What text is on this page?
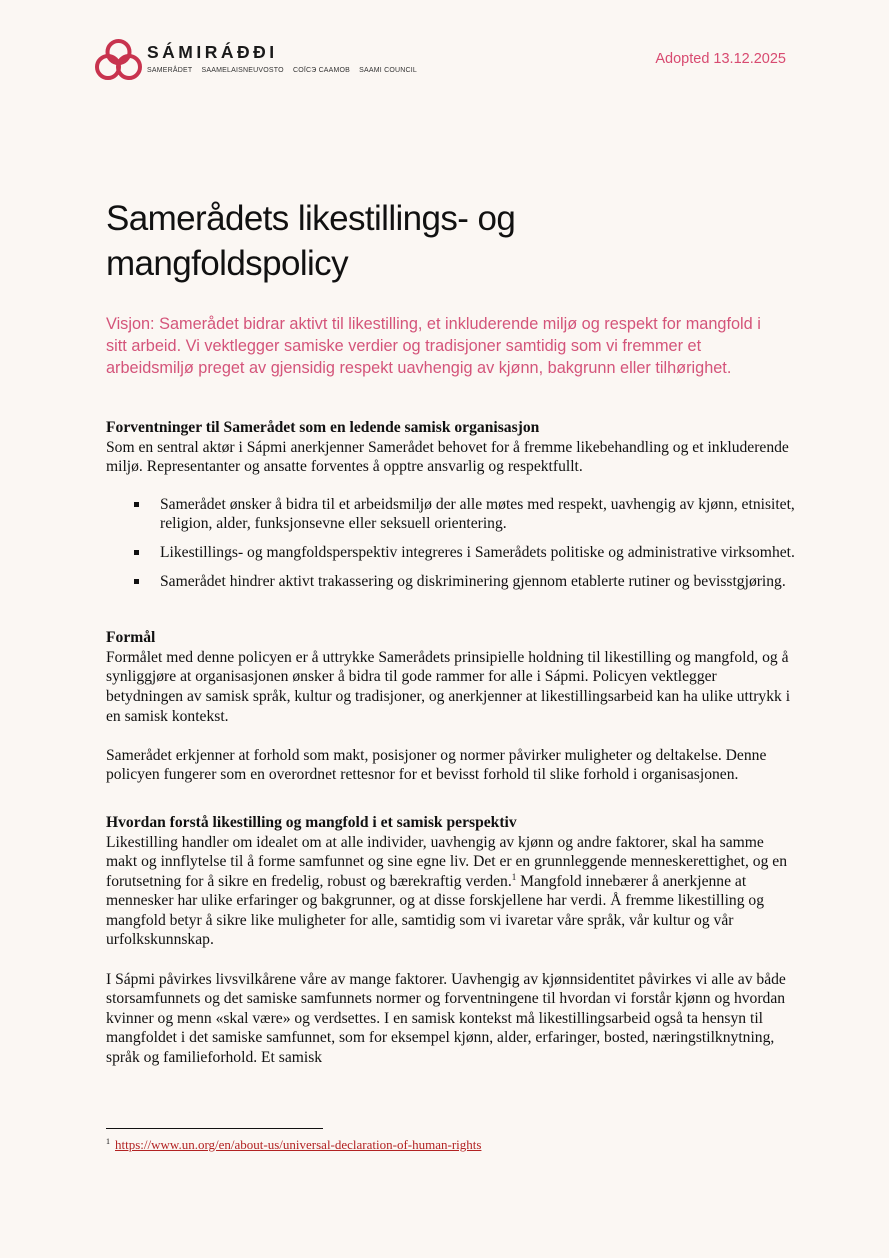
SÁMIRÁÐÐI
SAMERÅDET SAAMELAISNEUVOSTO COÏCЭ САAMOB SAAMI COUNCIL
Adopted 13.12.2025
Samerådets likestillings- og mangfoldspolicy

Visjon: Samerådet bidrar aktivt til likestilling, et inkluderende miljø og respekt for mangfold i sitt arbeid. Vi vektlegger samiske verdier og tradisjoner samtidig som vi fremmer et arbeidsmiljø preget av gjensidig respekt uavhengig av kjønn, bakgrunn eller tilhørighet.

Forventninger til Samerådet som en ledende samisk organisasjon

Som en sentral aktør i Sápmi anerkjenner Samerådet behovet for å fremme likebehandling og et inkluderende miljø. Representanter og ansatte forventes å opptre ansvarlig og respektfullt.

Samerådet ønsker å bidra til et arbeidsmiljø der alle møtes med respekt, uavhengig av kjønn, etnisitet, religion, alder, funksjonsevne eller seksuell orientering.
Likestillings- og mangfoldsperspektiv integreres i Samerådets politiske og administrative virksomhet.
Samerådet hindrer aktivt trakassering og diskriminering gjennom etablerte rutiner og bevisstgjøring.
Formål

Formålet med denne policyen er å uttrykke Samerådets prinsipielle holdning til likestilling og mangfold, og å synliggjøre at organisasjonen ønsker å bidra til gode rammer for alle i Sápmi. Policyen vektlegger betydningen av samisk språk, kultur og tradisjoner, og anerkjenner at likestillingsarbeid kan ha ulike uttrykk i en samisk kontekst.

Samerådet erkjenner at forhold som makt, posisjoner og normer påvirker muligheter og deltakelse. Denne policyen fungerer som en overordnet rettesnor for et bevisst forhold til slike forhold i organisasjonen.

Hvordan forstå likestilling og mangfold i et samisk perspektiv

Likestilling handler om idealet om at alle individer, uavhengig av kjønn og andre faktorer, skal ha samme makt og innflytelse til å forme samfunnet og sine egne liv. Det er en grunnleggende menneskerettighet, og en forutsetning for å sikre en fredelig, robust og bærekraftig verden.$^1$ Mangfold innebærer å anerkjenne at mennesker har ulike erfaringer og bakgrunner, og at disse forskjellene har verdi. Å fremme likestilling og mangfold betyr å sikre like muligheter for alle, samtidig som vi ivaretar våre språk, vår kultur og vår urfolkskunnskap.

I Sápmi påvirkes livsvilkårene våre av mange faktorer. Uavhengig av kjønnsidentitet påvirkes vi alle av både storsamfunnets og det samiske samfunnets normer og forventningene til hvordan vi forstår kjønn og hvordan kvinner og menn «skal være» og verdsettes. I en samisk kontekst må likestillingsarbeid også ta hensyn til mangfoldet i det samiske samfunnet, som for eksempel kjønn, alder, erfaringer, bosted, næringstilknytning, språk og familieforhold. Et samisk

$^1$ https://www.un.org/en/about-us/universal-declaration-of-human-rights
